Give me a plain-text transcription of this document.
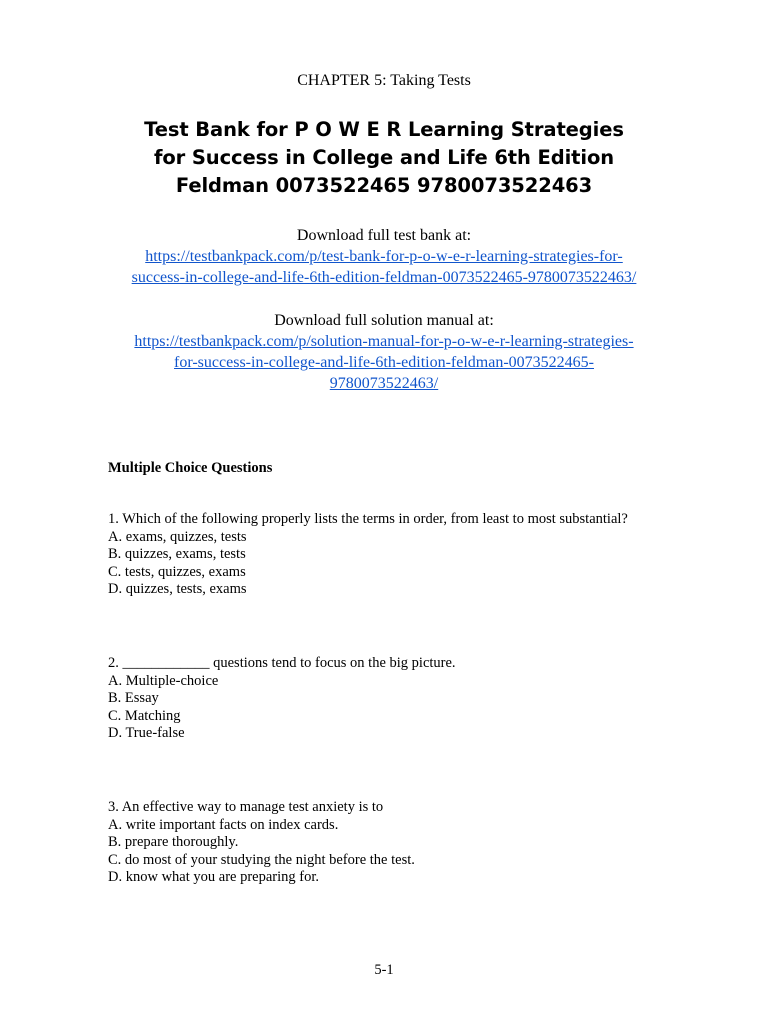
CHAPTER 5: Taking Tests
Test Bank for P O W E R Learning Strategies
for Success in College and Life 6th Edition
Feldman 0073522465 9780073522463
Download full test bank at:
https://testbankpack.com/p/test-bank-for-p-o-w-e-r-learning-strategies-for-
success-in-college-and-life-6th-edition-feldman-0073522465-9780073522463/
Download full solution manual at:
https://testbankpack.com/p/solution-manual-for-p-o-w-e-r-learning-strategies-
for-success-in-college-and-life-6th-edition-feldman-0073522465-
9780073522463/
Multiple Choice Questions
1. Which of the following properly lists the terms in order, from least to most substantial?
A. exams, quizzes, tests
B. quizzes, exams, tests
C. tests, quizzes, exams
D. quizzes, tests, exams
2. ____________ questions tend to focus on the big picture.
A. Multiple-choice
B. Essay
C. Matching
D. True-false
3. An effective way to manage test anxiety is to
A. write important facts on index cards.
B. prepare thoroughly.
C. do most of your studying the night before the test.
D. know what you are preparing for.
5-1
